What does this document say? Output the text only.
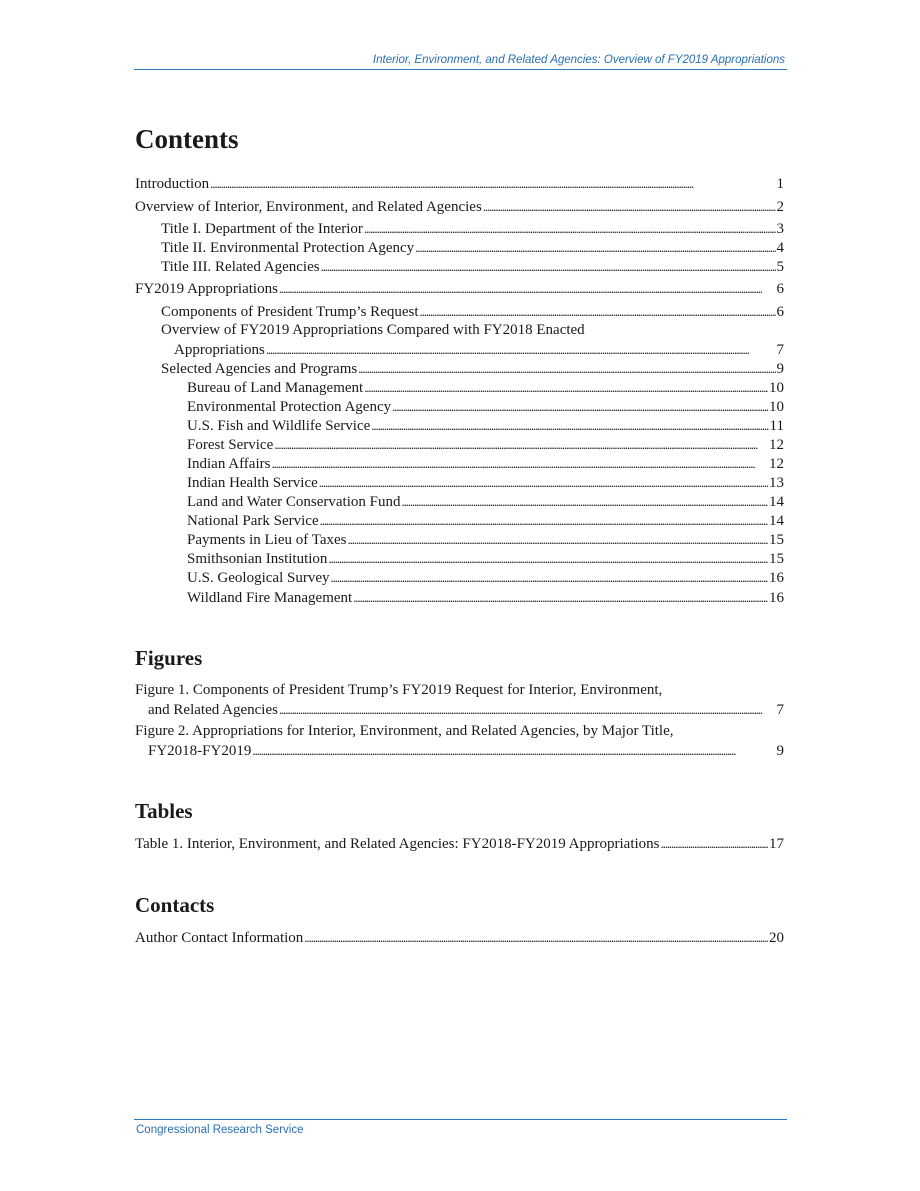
Interior, Environment, and Related Agencies: Overview of FY2019 Appropriations
Contents
Introduction . . .	1
Overview of Interior, Environment, and Related Agencies . . .	2
Title I. Department of the Interior . . .	3
Title II. Environmental Protection Agency . . .	4
Title III. Related Agencies . . .	5
FY2019 Appropriations . . .	6
Components of President Trump’s Request . . .	6
Overview of FY2019 Appropriations Compared with FY2018 Enacted
Appropriations . . .	7
Selected Agencies and Programs . . .	9
Bureau of Land Management . . .	10
Environmental Protection Agency . . .	10
U.S. Fish and Wildlife Service . . .	11
Forest Service . . .	12
Indian Affairs . . .	12
Indian Health Service . . .	13
Land and Water Conservation Fund . . .	14
National Park Service . . .	14
Payments in Lieu of Taxes . . .	15
Smithsonian Institution . . .	15
U.S. Geological Survey . . .	16
Wildland Fire Management . . .	16
Figures
Figure 1. Components of President Trump’s FY2019 Request for Interior, Environment,
and Related Agencies . . .	7
Figure 2. Appropriations for Interior, Environment, and Related Agencies, by Major Title,
FY2018-FY2019 . . .	9
Tables
Table 1. Interior, Environment, and Related Agencies: FY2018-FY2019 Appropriations . . .	17
Contacts
Author Contact Information . . .	20
Congressional Research Service
